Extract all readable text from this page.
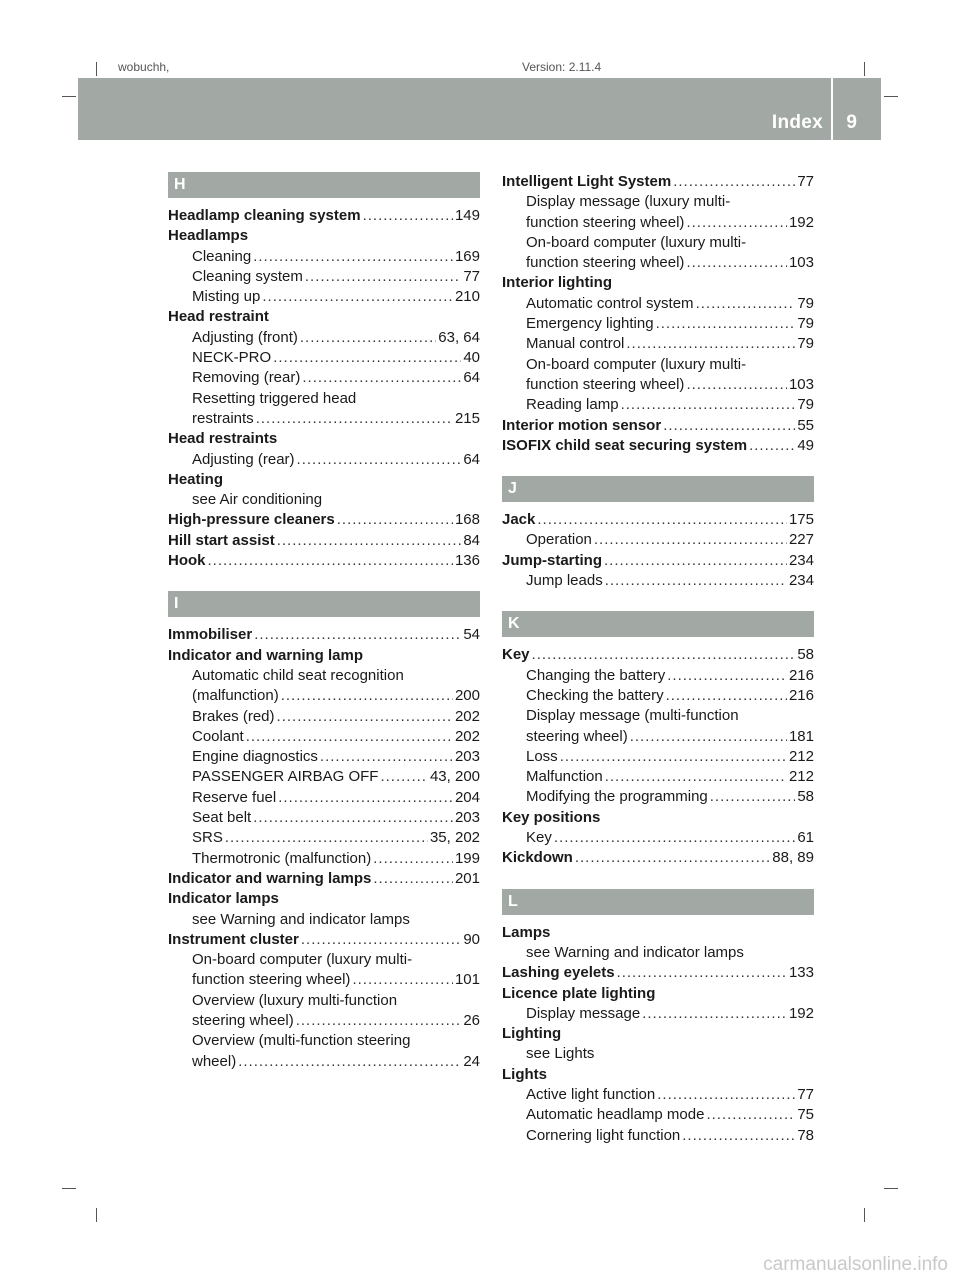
wobuchh,	Version: 2.11.4
Index 9
H
Headlamp cleaning system .....	149
Headlamps
Cleaning .....	169
Cleaning system .....	77
Misting up .....	210
Head restraint
Adjusting (front) .....	63, 64
NECK-PRO .....	40
Removing (rear) .....	64
Resetting triggered head
restraints .....	215
Head restraints
Adjusting (rear) .....	64
Heating
see Air conditioning
High-pressure cleaners .....	168
Hill start assist .....	84
Hook .....	136
I
Immobiliser .....	54
Indicator and warning lamp
Automatic child seat recognition
(malfunction) .....	200
Brakes (red) .....	202
Coolant .....	202
Engine diagnostics .....	203
PASSENGER AIRBAG OFF .....	43, 200
Reserve fuel .....	204
Seat belt .....	203
SRS .....	35, 202
Thermotronic (malfunction) .....	199
Indicator and warning lamps .....	201
Indicator lamps
see Warning and indicator lamps
Instrument cluster .....	90
On-board computer (luxury multi-
function steering wheel) .....	101
Overview (luxury multi-function
steering wheel) .....	26
Overview (multi-function steering
wheel) .....	24
Intelligent Light System .....	77
Display message (luxury multi-
function steering wheel) .....	192
On-board computer (luxury multi-
function steering wheel) .....	103
Interior lighting
Automatic control system .....	79
Emergency lighting .....	79
Manual control .....	79
On-board computer (luxury multi-
function steering wheel) .....	103
Reading lamp .....	79
Interior motion sensor .....	55
ISOFIX child seat securing system .....	49
J
Jack .....	175
Operation .....	227
Jump-starting .....	234
Jump leads .....	234
K
Key .....	58
Changing the battery .....	216
Checking the battery .....	216
Display message (multi-function
steering wheel) .....	181
Loss .....	212
Malfunction .....	212
Modifying the programming .....	58
Key positions
Key .....	61
Kickdown .....	88, 89
L
Lamps
see Warning and indicator lamps
Lashing eyelets .....	133
Licence plate lighting
Display message .....	192
Lighting
see Lights
Lights
Active light function .....	77
Automatic headlamp mode .....	75
Cornering light function .....	78
carmanualsonline.info
